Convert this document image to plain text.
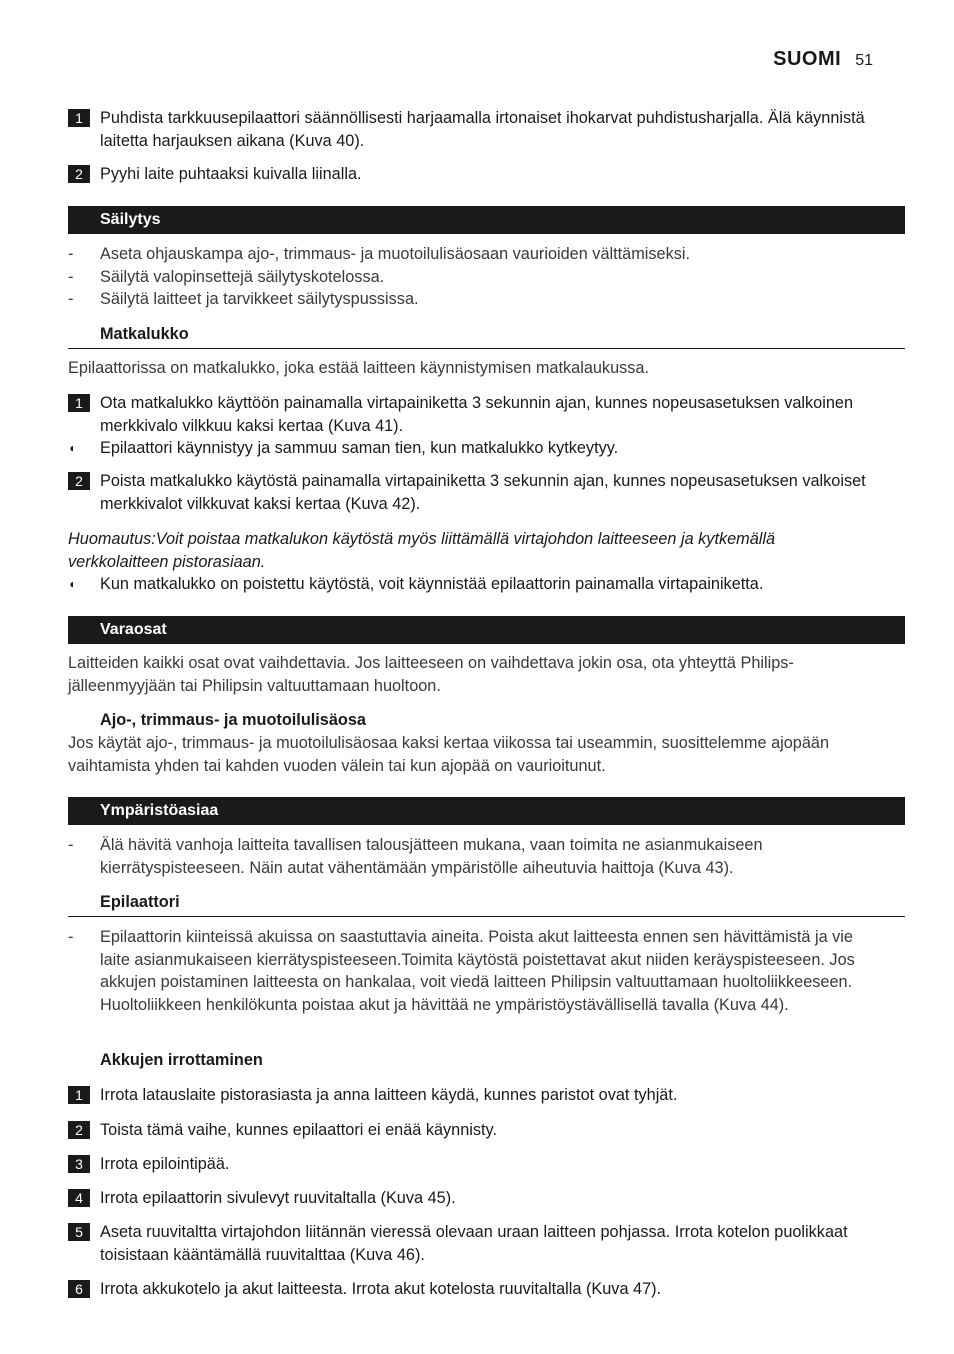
SUOMI 51
1	Puhdista tarkkuusepilaattori säännöllisesti harjaamalla irtonaiset ihokarvat puhdistusharjalla. Älä käynnistä laitetta harjauksen aikana (Kuva 40).
2	Pyyhi laite puhtaaksi kuivalla liinalla.
Säilytys
-	Aseta ohjauskampa ajo-, trimmaus- ja muotoilulisäosaan vaurioiden välttämiseksi.
-	Säilytä valopinsettejä säilytyskotelossa.
-	Säilytä laitteet ja tarvikkeet säilytyspussissa.
Matkalukko
Epilaattorissa on matkalukko, joka estää laitteen käynnistymisen matkalaukussa.
1	Ota matkalukko käyttöön painamalla virtapainiketta 3 sekunnin ajan, kunnes nopeusasetuksen valkoinen merkkivalo vilkkuu kaksi kertaa (Kuva 41).
◖	Epilaattori käynnistyy ja sammuu saman tien, kun matkalukko kytkeytyy.
2	Poista matkalukko käytöstä painamalla virtapainiketta 3 sekunnin ajan, kunnes nopeusasetuksen valkoiset merkkivalot vilkkuvat kaksi kertaa (Kuva 42).
Huomautus:Voit poistaa matkalukon käytöstä myös liittämällä virtajohdon laitteeseen ja kytkemällä verkkolaitteen pistorasiaan.
◖	Kun matkalukko on poistettu käytöstä, voit käynnistää epilaattorin painamalla virtapainiketta.
Varaosat
Laitteiden kaikki osat ovat vaihdettavia. Jos laitteeseen on vaihdettava jokin osa, ota yhteyttä Philips-jälleenmyyjään tai Philipsin valtuuttamaan huoltoon.
Ajo-, trimmaus- ja muotoilulisäosa
Jos käytät ajo-, trimmaus- ja muotoilulisäosaa kaksi kertaa viikossa tai useammin, suosittelemme ajopään vaihtamista yhden tai kahden vuoden välein tai kun ajopää on vaurioitunut.
Ympäristöasiaa
-	Älä hävitä vanhoja laitteita tavallisen talousjätteen mukana, vaan toimita ne asianmukaiseen kierrätyspisteeseen. Näin autat vähentämään ympäristölle aiheutuvia haittoja (Kuva 43).
Epilaattori
-	Epilaattorin kiinteissä akuissa on saastuttavia aineita. Poista akut laitteesta ennen sen hävittämistä ja vie laite asianmukaiseen kierrätyspisteeseen.Toimita käytöstä poistettavat akut niiden keräyspisteeseen. Jos akkujen poistaminen laitteesta on hankalaa, voit viedä laitteen Philipsin valtuuttamaan huoltoliikkeeseen. Huoltoliikkeen henkilökunta poistaa akut ja hävittää ne ympäristöystävällisellä tavalla (Kuva 44).
Akkujen irrottaminen
1	Irrota latauslaite pistorasiasta ja anna laitteen käydä, kunnes paristot ovat tyhjät.
2	Toista tämä vaihe, kunnes epilaattori ei enää käynnisty.
3	Irrota epilointipää.
4	Irrota epilaattorin sivulevyt ruuvitaltalla (Kuva 45).
5	Aseta ruuvitaltta virtajohdon liitännän vieressä olevaan uraan laitteen pohjassa. Irrota kotelon puolikkaat toisistaan kääntämällä ruuvitalttaa (Kuva 46).
6	Irrota akkukotelo ja akut laitteesta. Irrota akut kotelosta ruuvitaltalla (Kuva 47).
